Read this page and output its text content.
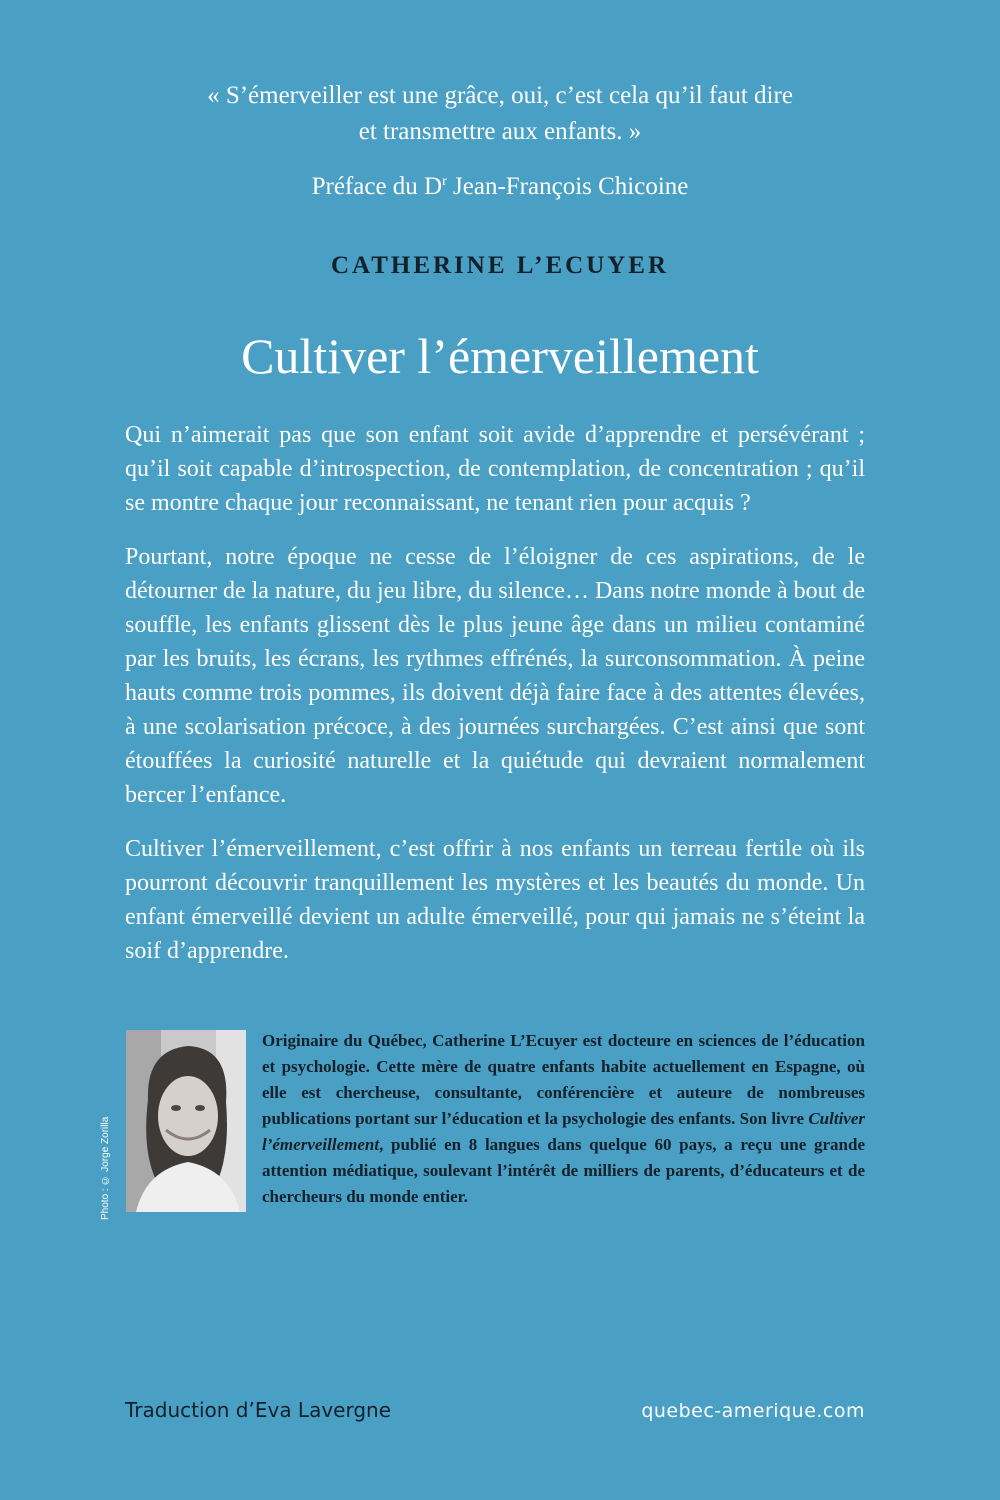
« S’émerveiller est une grâce, oui, c’est cela qu’il faut dire
et transmettre aux enfants. »
Préface du $D^r$ Jean-François Chicoine
CATHERINE L’ECUYER
Cultiver l’émerveillement

Qui n’aimerait pas que son enfant soit avide d’apprendre et persévérant ; qu’il soit capable d’introspection, de contemplation, de concentration ; qu’il se montre chaque jour reconnaissant, ne tenant rien pour acquis ?

Pourtant, notre époque ne cesse de l’éloigner de ces aspirations, de le détourner de la nature, du jeu libre, du silence… Dans notre monde à bout de souffle, les enfants glissent dès le plus jeune âge dans un milieu contaminé par les bruits, les écrans, les rythmes effrénés, la surconsommation. À peine hauts comme trois pommes, ils doivent déjà faire face à des attentes élevées, à une scolarisation précoce, à des journées surchargées. C’est ainsi que sont étouffées la curiosité naturelle et la quiétude qui devraient normalement bercer l’enfance.

Cultiver l’émerveillement, c’est offrir à nos enfants un terreau fertile où ils pourront découvrir tranquillement les mystères et les beautés du monde. Un enfant émerveillé devient un adulte émerveillé, pour qui jamais ne s’éteint la soif d’apprendre.

Photo : © Jorge Zorilla
Originaire du Québec, Catherine L’Ecuyer est docteure en sciences de l’éducation et psychologie. Cette mère de quatre enfants habite actuellement en Espagne, où elle est chercheuse, consultante, conférencière et auteure de nombreuses publications portant sur l’éducation et la psychologie des enfants. Son livre Cultiver l’émerveillement, publié en 8 langues dans quelque 60 pays, a reçu une grande attention médiatique, soulevant l’intérêt de milliers de parents, d’éducateurs et de chercheurs du monde entier.
Traduction d’Eva Lavergne	quebec-amerique.com
